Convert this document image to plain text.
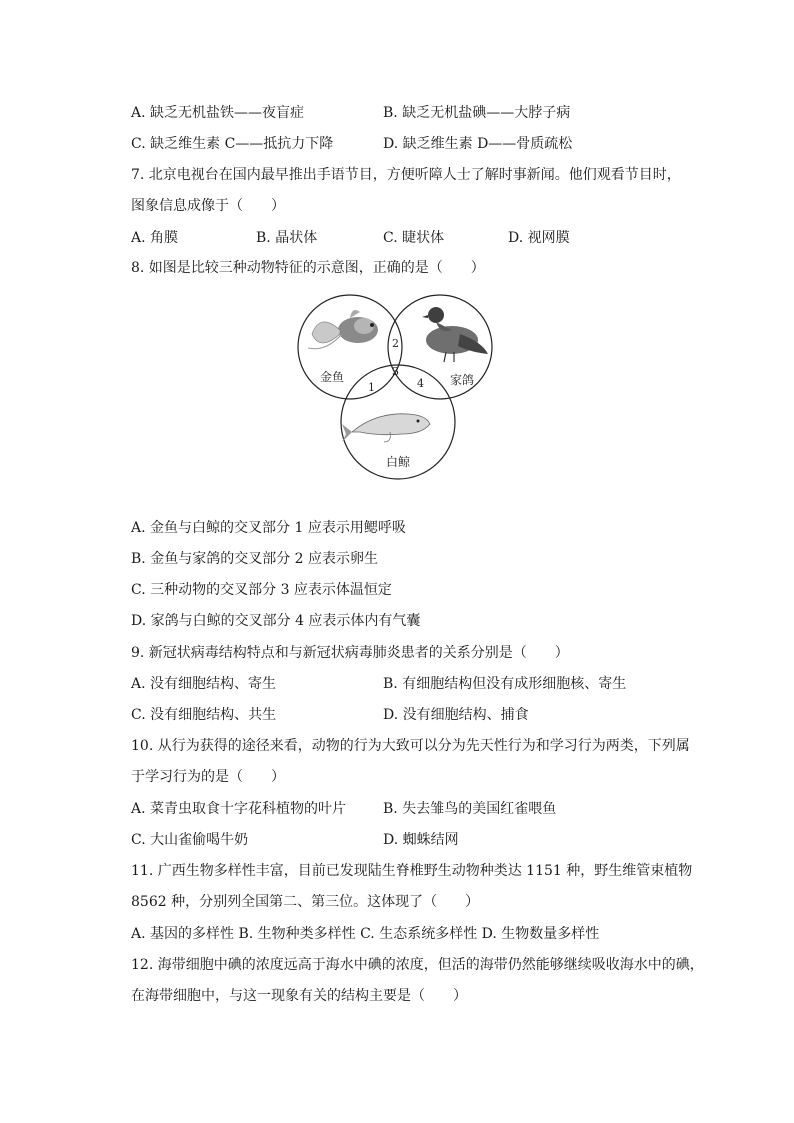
A. 缺乏无机盐铁——夜盲症	B. 缺乏无机盐碘——大脖子病
C. 缺乏维生素 C——抵抗力下降	D. 缺乏维生素 D——骨质疏松
7. 北京电视台在国内最早推出手语节目，方便听障人士了解时事新闻。他们观看节目时，
图象信息成像于（　　）
A. 角膜	B. 晶状体	C. 睫状体	D. 视网膜
8. 如图是比较三种动物特征的示意图，正确的是（　　）
金鱼	家鸽
白鲸
1
2
3
4
A. 金鱼与白鲸的交叉部分 1 应表示用鳃呼吸
B. 金鱼与家鸽的交叉部分 2 应表示卵生
C. 三种动物的交叉部分 3 应表示体温恒定
D. 家鸽与白鲸的交叉部分 4 应表示体内有气囊
9. 新冠状病毒结构特点和与新冠状病毒肺炎患者的关系分别是（　　）
A. 没有细胞结构、寄生	B. 有细胞结构但没有成形细胞核、寄生
C. 没有细胞结构、共生	D. 没有细胞结构、捕食
10. 从行为获得的途径来看，动物的行为大致可以分为先天性行为和学习行为两类，下列属
于学习行为的是（　　）
A. 菜青虫取食十字花科植物的叶片	B. 失去雏鸟的美国红雀喂鱼
C. 大山雀偷喝牛奶	D. 蜘蛛结网
11. 广西生物多样性丰富，目前已发现陆生脊椎野生动物种类达 1151 种，野生维管束植物
8562 种，分别列全国第二、第三位。这体现了（　　）
A. 基因的多样性 B. 生物种类多样性 C. 生态系统多样性 D. 生物数量多样性
12. 海带细胞中碘的浓度远高于海水中碘的浓度，但活的海带仍然能够继续吸收海水中的碘，
在海带细胞中，与这一现象有关的结构主要是（　　）
